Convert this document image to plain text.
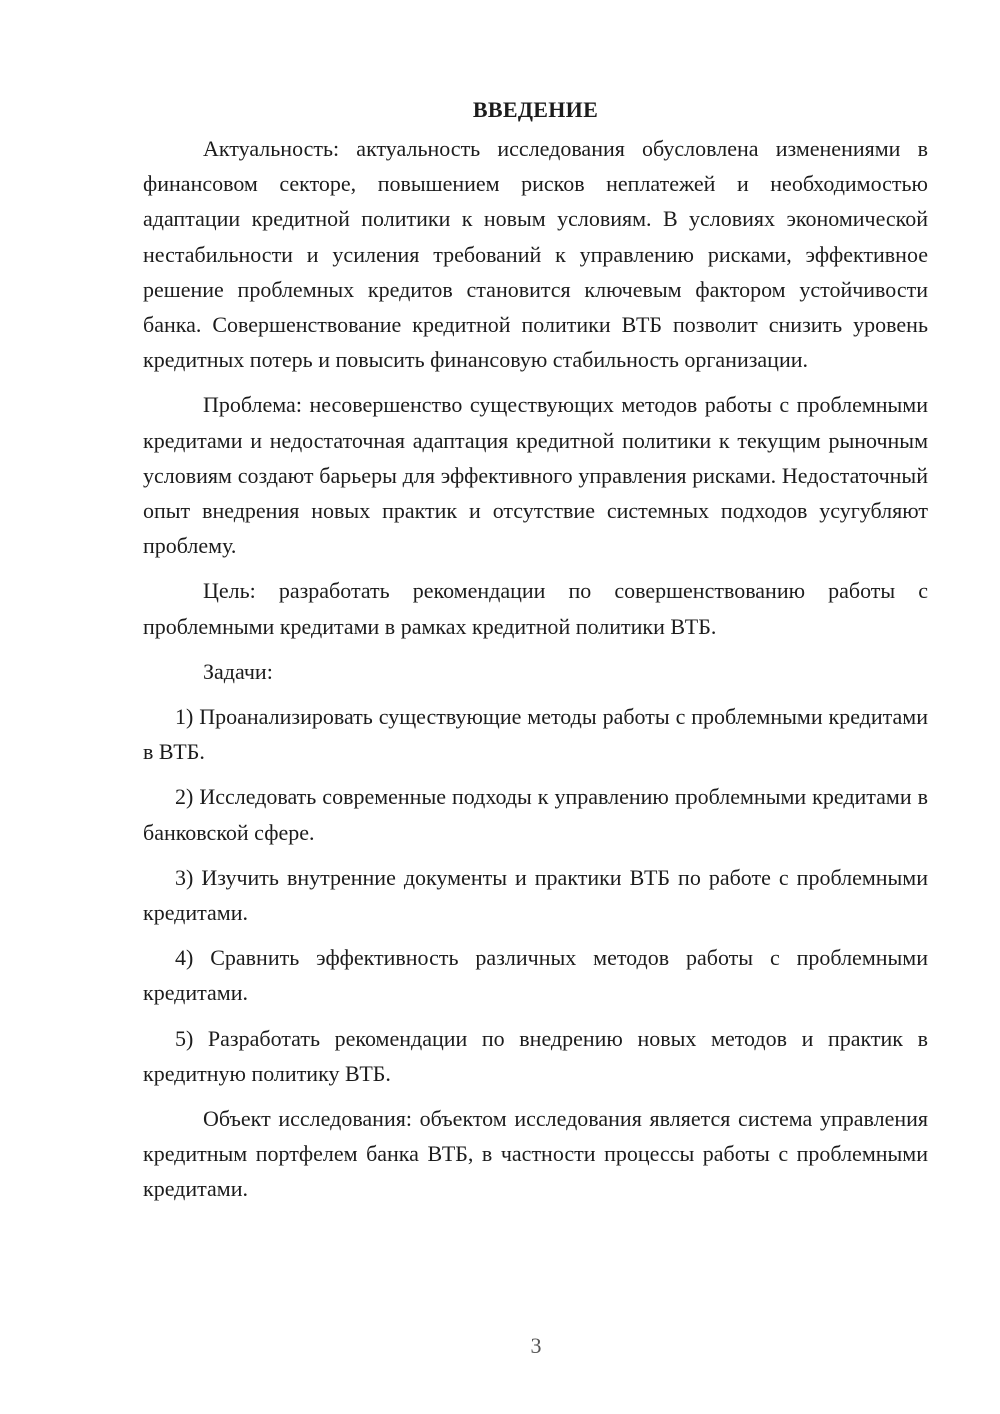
ВВЕДЕНИЕ

Актуальность: актуальность исследования обусловлена изменениями в финансовом секторе, повышением рисков неплатежей и необходимостью адаптации кредитной политики к новым условиям. В условиях экономической нестабильности и усиления требований к управлению рисками, эффективное решение проблемных кредитов становится ключевым фактором устойчивости банка. Совершенствование кредитной политики ВТБ позволит снизить уровень кредитных потерь и повысить финансовую стабильность организации.

Проблема: несовершенство существующих методов работы с проблемными кредитами и недостаточная адаптация кредитной политики к текущим рыночным условиям создают барьеры для эффективного управления рисками. Недостаточный опыт внедрения новых практик и отсутствие системных подходов усугубляют проблему.

Цель: разработать рекомендации по совершенствованию работы с проблемными кредитами в рамках кредитной политики ВТБ.

Задачи:

1) Проанализировать существующие методы работы с проблемными кредитами в ВТБ.

2) Исследовать современные подходы к управлению проблемными кредитами в банковской сфере.

3) Изучить внутренние документы и практики ВТБ по работе с проблемными кредитами.

4) Сравнить эффективность различных методов работы с проблемными кредитами.

5) Разработать рекомендации по внедрению новых методов и практик в кредитную политику ВТБ.

Объект исследования: объектом исследования является система управления кредитным портфелем банка ВТБ, в частности процессы работы с проблемными кредитами.

3
